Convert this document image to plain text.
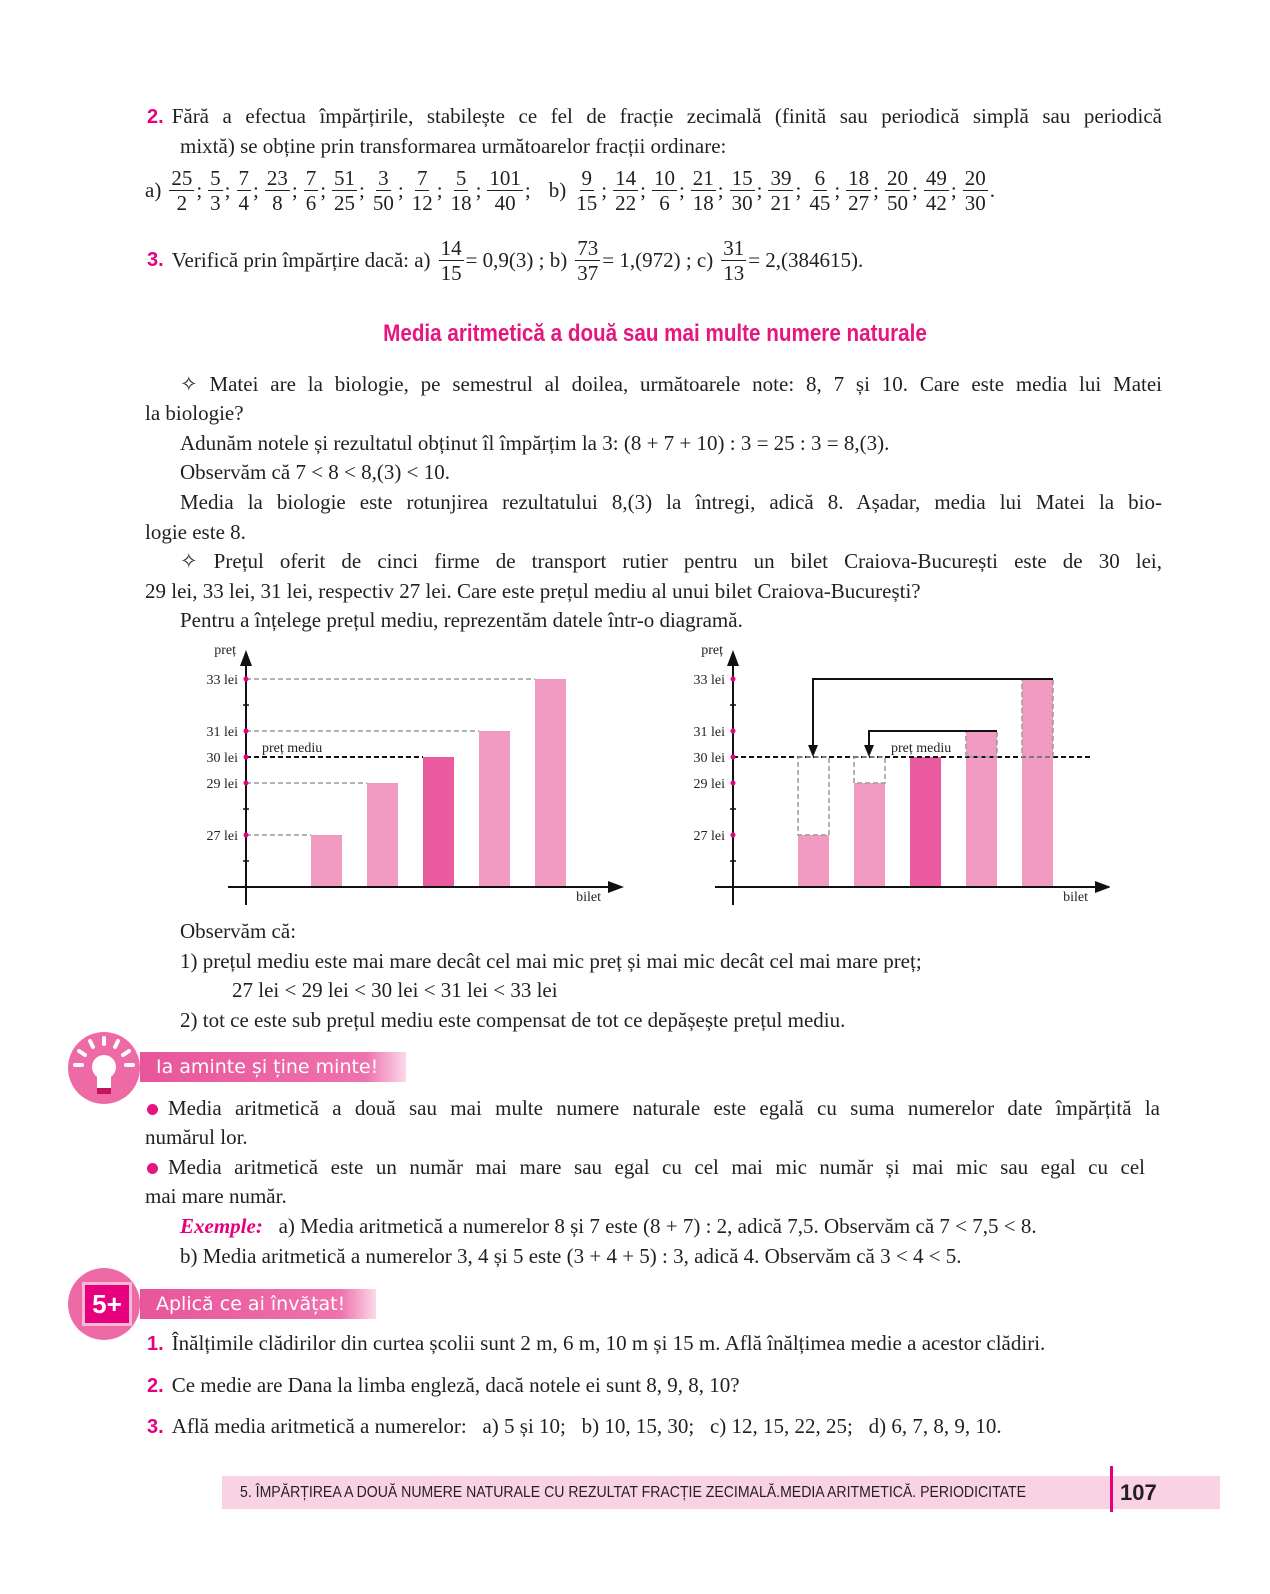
2. Fără a efectua împărțirile, stabilește ce fel de fracție zecimală (finită sau periodică simplă sau periodică
mixtă) se obține prin transformarea următoarelor fracții ordinare:
a) 25
2
; 5
3
; 7
4
; 23
8
; 7
6
; 51
25
; 3
50
; 7
12
; 5
18
; 101
40
; b) 9
15
; 14
22
; 10
6
; 21
18
; 15
30
; 39
21
; 6
45
; 18
27
; 20
50
; 49
42
; 20
30
.
3. Verifică prin împărțire dacă: $a) \frac{14}{15} = 0,9(3)$ ; $b) \frac{73}{37} = 1,(972)$ ; $c) \frac{31}{13} = 2,(384615)$.
Media aritmetică a două sau mai multe numere naturale
✧ Matei are la biologie, pe semestrul al doilea, următoarele note: 8, 7 și 10. Care este media lui Matei
la biologie?
Adunăm notele și rezultatul obținut îl împărțim la 3: (8 + 7 + 10) : 3 = 25 : 3 = 8,(3).
Observăm că 7 < 8 < 8,(3) < 10.
Media la biologie este rotunjirea rezultatului 8,(3) la întregi, adică 8. Așadar, media lui Matei la bio-
logie este 8.
✧ Prețul oferit de cinci firme de transport rutier pentru un bilet Craiova-București este de 30 lei,
29 lei, 33 lei, 31 lei, respectiv 27 lei. Care este prețul mediu al unui bilet Craiova-București?
Pentru a înțelege prețul mediu, reprezentăm datele într-o diagramă.
preț mediu
27 lei
29 lei
30 lei
31 lei
33 lei
preț
bilet
preț mediu
27 lei
29 lei
30 lei
31 lei
33 lei
preț
bilet
Observăm că:
1) prețul mediu este mai mare decât cel mai mic preț și mai mic decât cel mai mare preț;
27 lei < 29 lei < 30 lei < 31 lei < 33 lei
2) tot ce este sub prețul mediu este compensat de tot ce depășește prețul mediu.
Ia aminte și ține minte!
Media aritmetică a două sau mai multe numere naturale este egală cu suma numerelor date împărțită la
numărul lor.
Media aritmetică este un număr mai mare sau egal cu cel mai mic număr și mai mic sau egal cu cel
mai mare număr.
Exemple: a) Media aritmetică a numerelor 8 și 7 este (8 + 7) : 2, adică 7,5. Observăm că 7 < 7,5 < 8.
b) Media aritmetică a numerelor 3, 4 și 5 este (3 + 4 + 5) : 3, adică 4. Observăm că 3 < 4 < 5.
Aplică ce ai învățat!
5+
1. Înălțimile clădirilor din curtea școlii sunt 2 m, 6 m, 10 m și 15 m. Află înălțimea medie a acestor clădiri.
2. Ce medie are Dana la limba engleză, dacă notele ei sunt 8, 9, 8, 10?
3. Află media aritmetică a numerelor:   a) 5 și 10;   b) 10, 15, 30;   c) 12, 15, 22, 25;   d) 6, 7, 8, 9, 10.
5. ÎMPĂRȚIREA A DOUĂ NUMERE NATURALE CU REZULTAT FRACȚIE ZECIMALĂ.MEDIA ARITMETICĂ. PERIODICITATE	107
